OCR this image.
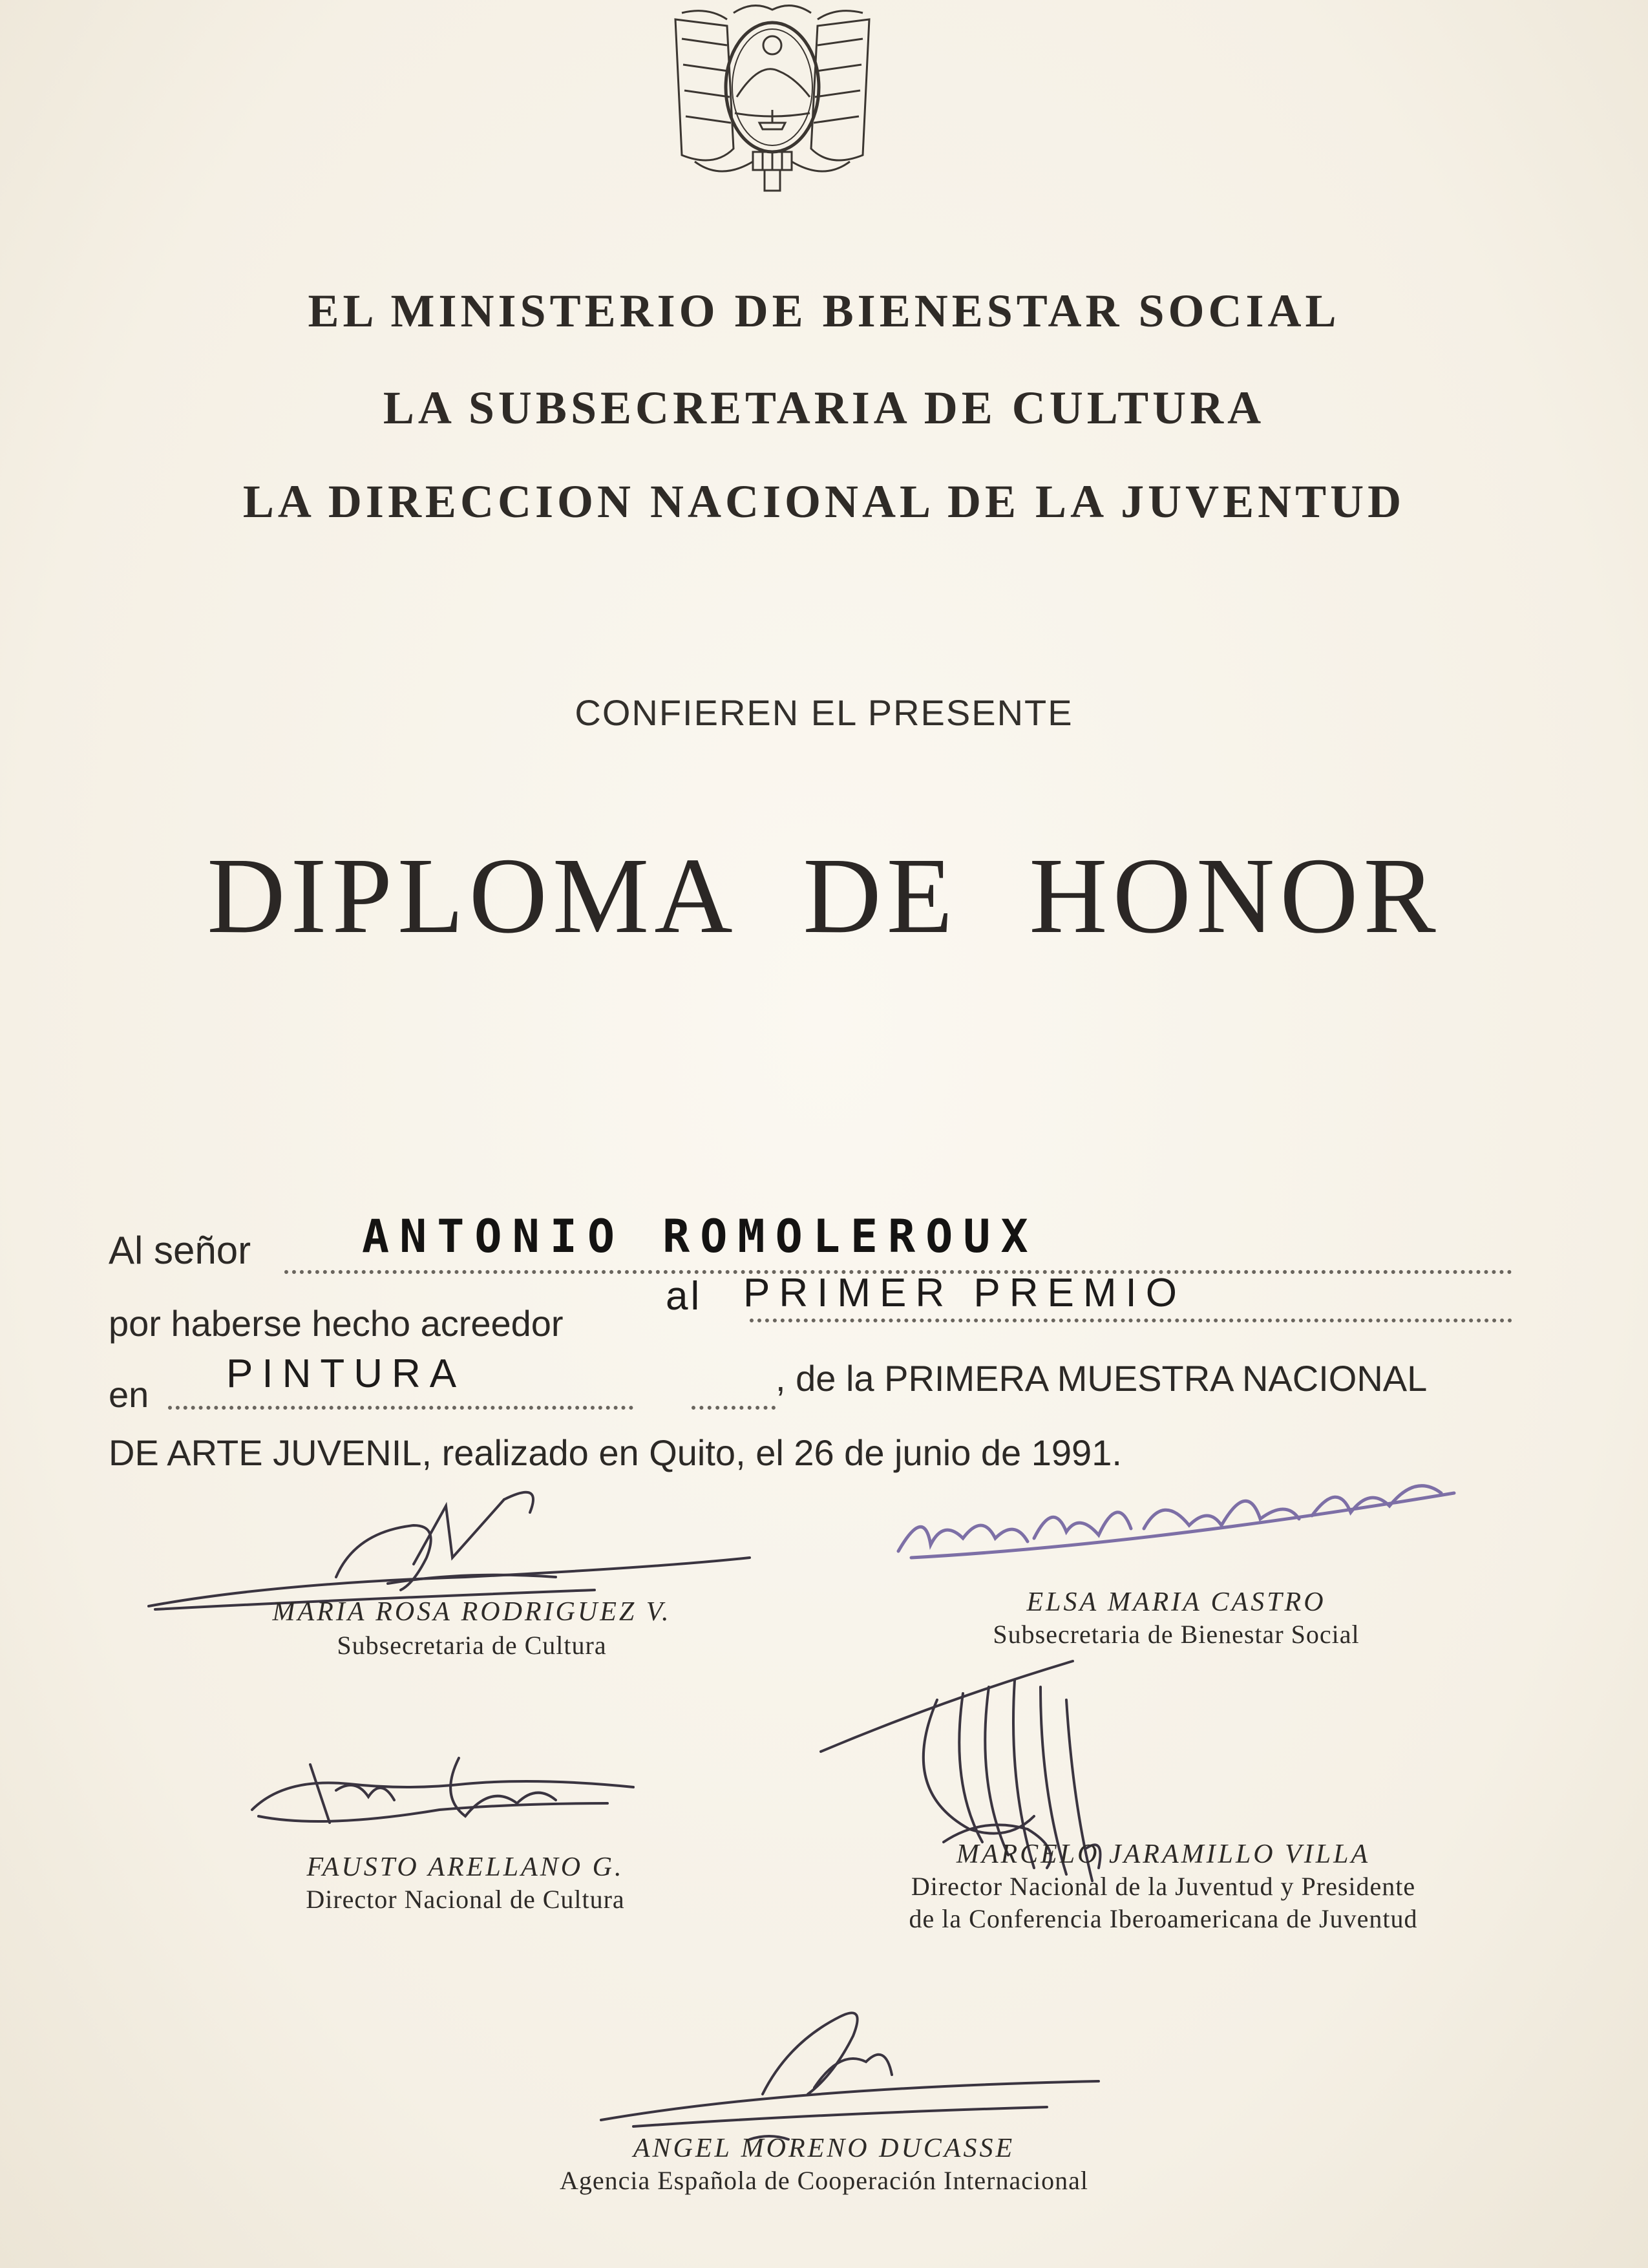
EL MINISTERIO DE BIENESTAR SOCIAL
LA SUBSECRETARIA DE CULTURA
LA DIRECCION NACIONAL DE LA JUVENTUD
CONFIEREN EL PRESENTE
DIPLOMA DE HONOR
Al señor ANTONIO ROMOLEROUX
por haberse hecho acreedor
al PRIMER PREMIO
en PINTURA	, de la PRIMERA MUESTRA NACIONAL
DE ARTE JUVENIL, realizado en Quito, el 26 de junio de 1991.
MARIA ROSA RODRIGUEZ V.
Subsecretaria de Cultura
ELSA MARIA CASTRO
Subsecretaria de Bienestar Social
FAUSTO ARELLANO G.
Director Nacional de Cultura
MARCELO JARAMILLO VILLA
Director Nacional de la Juventud y Presidente
de la Conferencia Iberoamericana de Juventud
ANGEL MORENO DUCASSE
Agencia Española de Cooperación Internacional
